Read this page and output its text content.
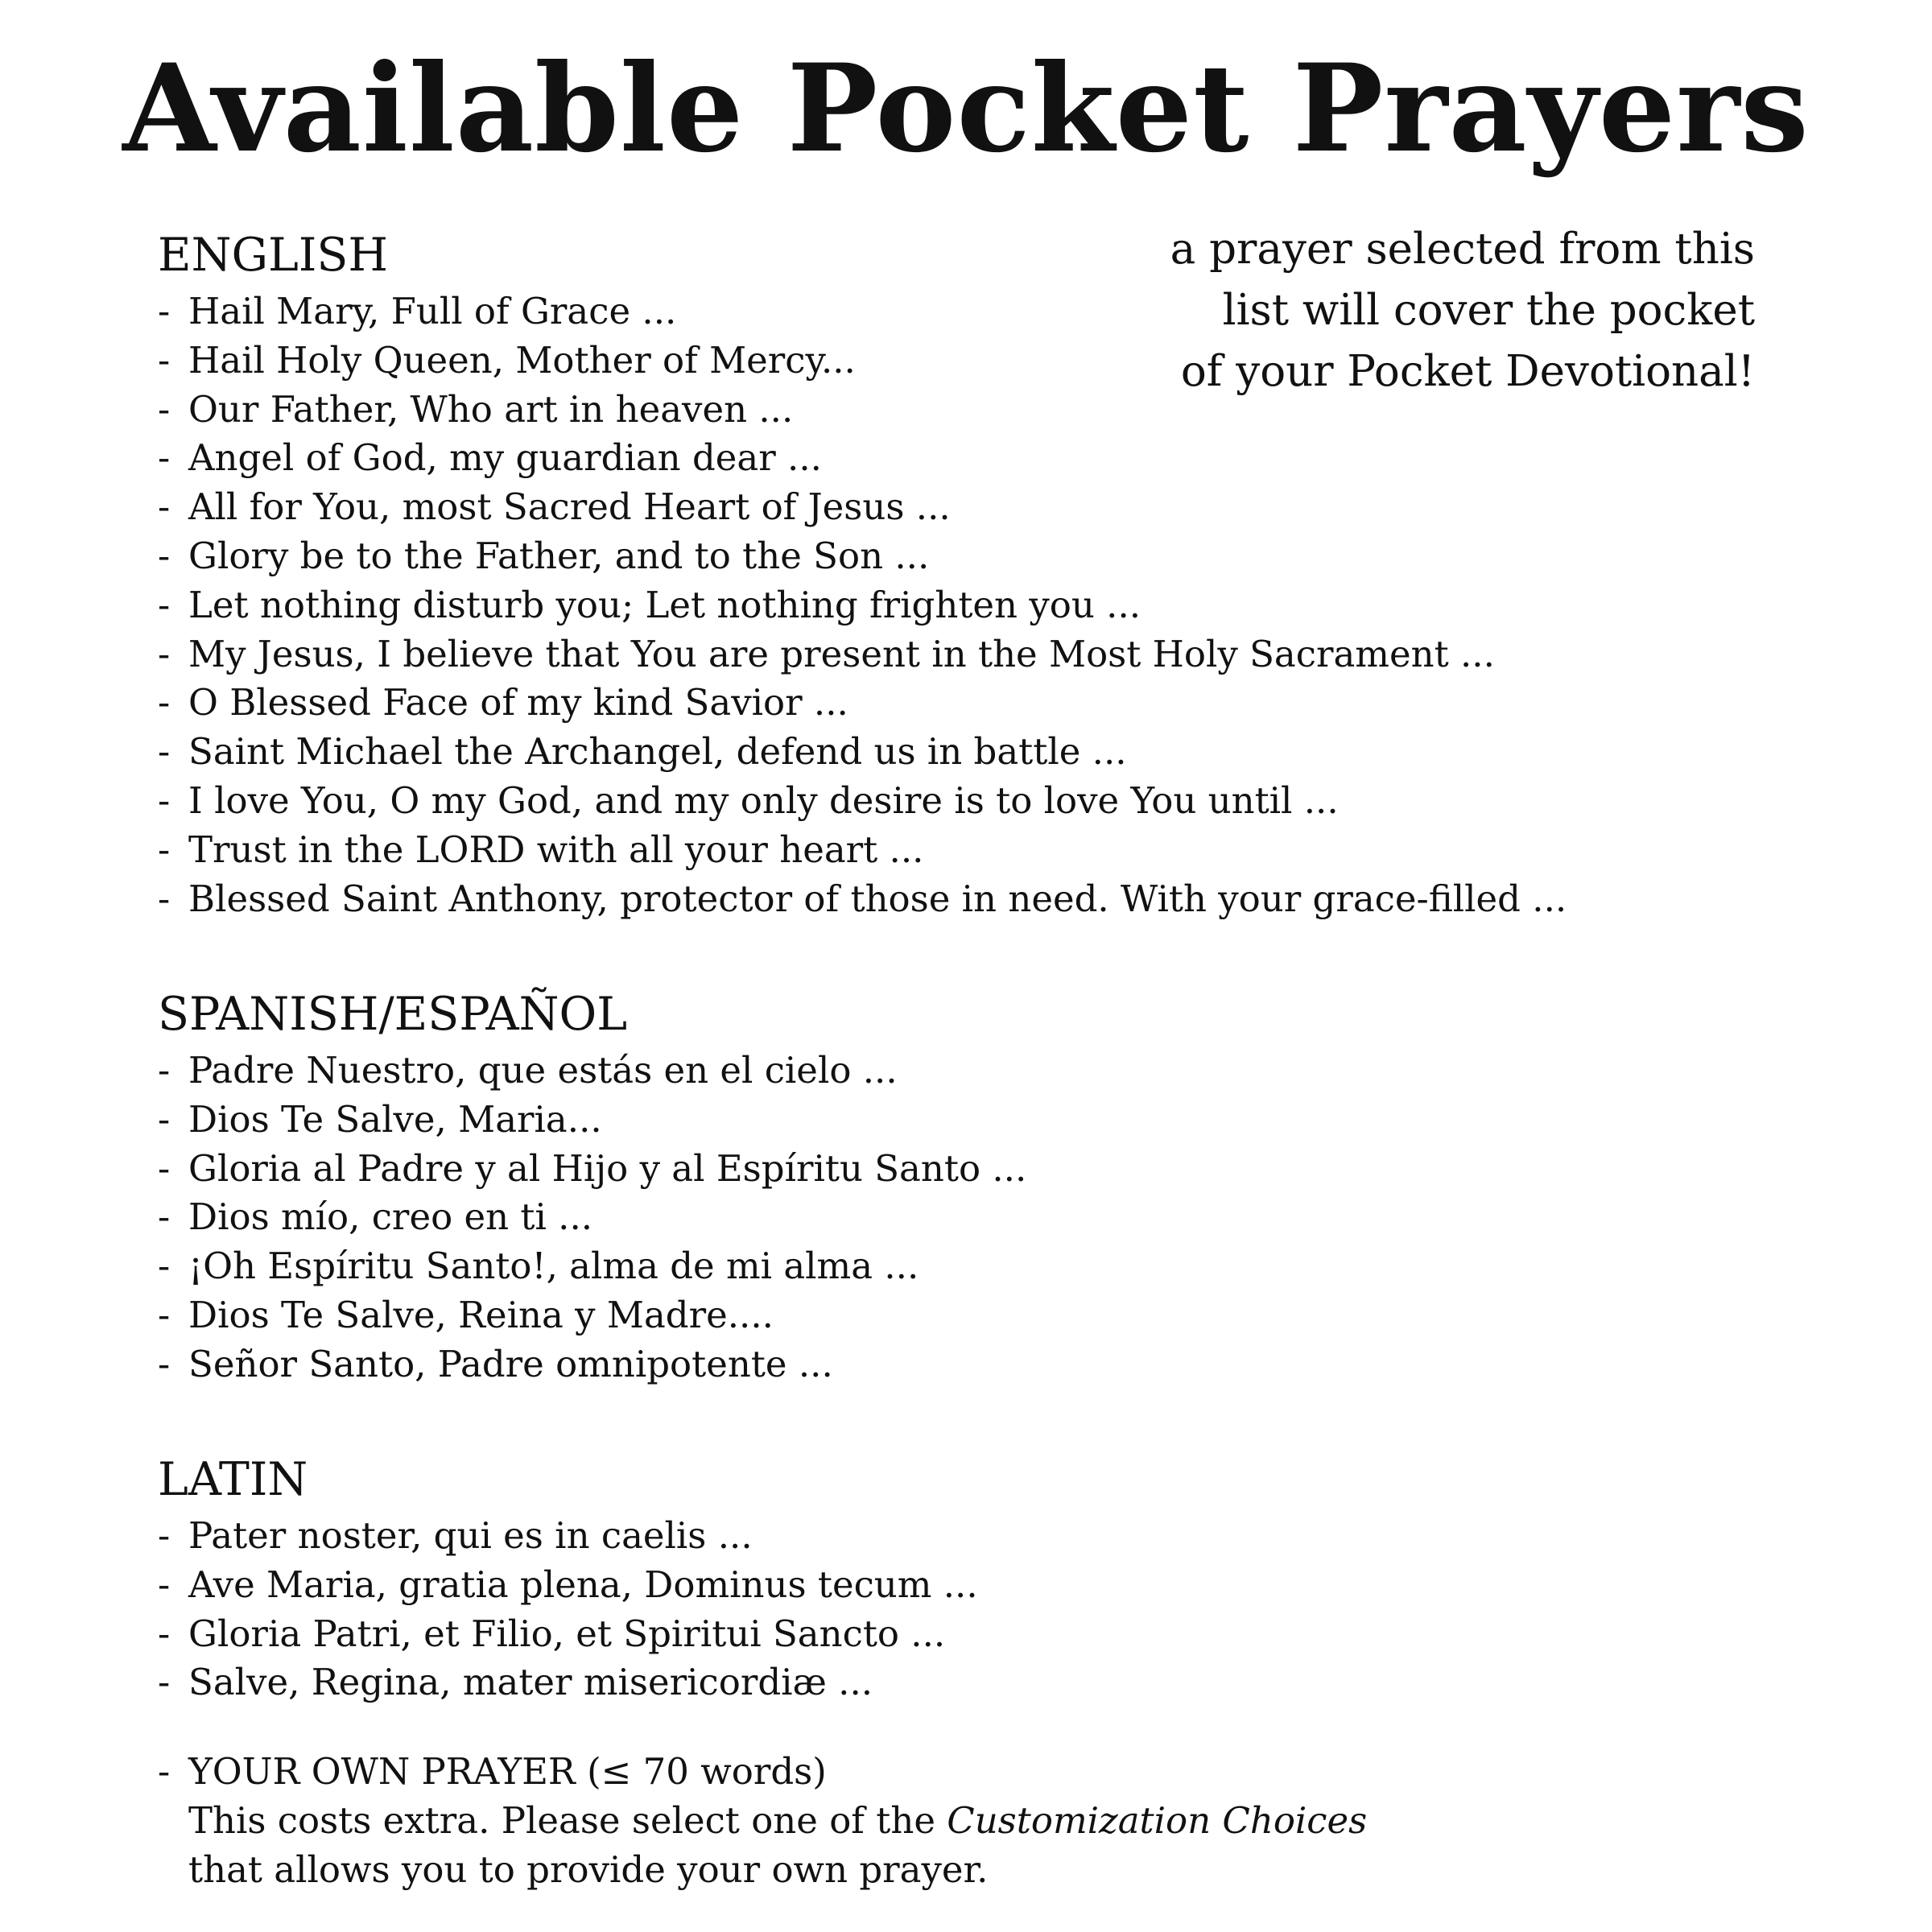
Available Pocket Prayers
a prayer selected from this
list will cover the pocket
of your Pocket Devotional!
ENGLISH
- Hail Mary, Full of Grace ...
- Hail Holy Queen, Mother of Mercy...
- Our Father, Who art in heaven ...
- Angel of God, my guardian dear ...
- All for You, most Sacred Heart of Jesus ...
- Glory be to the Father, and to the Son ...
- Let nothing disturb you; Let nothing frighten you ...
- My Jesus, I believe that You are present in the Most Holy Sacrament ...
- O Blessed Face of my kind Savior ...
- Saint Michael the Archangel, defend us in battle ...
- I love You, O my God, and my only desire is to love You until ...
- Trust in the LORD with all your heart ...
- Blessed Saint Anthony, protector of those in need. With your grace-filled ...
SPANISH/ESPAÑOL
- Padre Nuestro, que estás en el cielo ...
- Dios Te Salve, Maria...
- Gloria al Padre y al Hijo y al Espíritu Santo ...
- Dios mío, creo en ti ...
- ¡Oh Espíritu Santo!, alma de mi alma ...
- Dios Te Salve, Reina y Madre....
- Señor Santo, Padre omnipotente ...
LATIN
- Pater noster, qui es in caelis ...
- Ave Maria, gratia plena, Dominus tecum ...
- Gloria Patri, et Filio, et Spiritui Sancto ...
- Salve, Regina, mater misericordiæ ...
- YOUR OWN PRAYER (≤ 70 words)
This costs extra. Please select one of the Customization Choices
that allows you to provide your own prayer.
